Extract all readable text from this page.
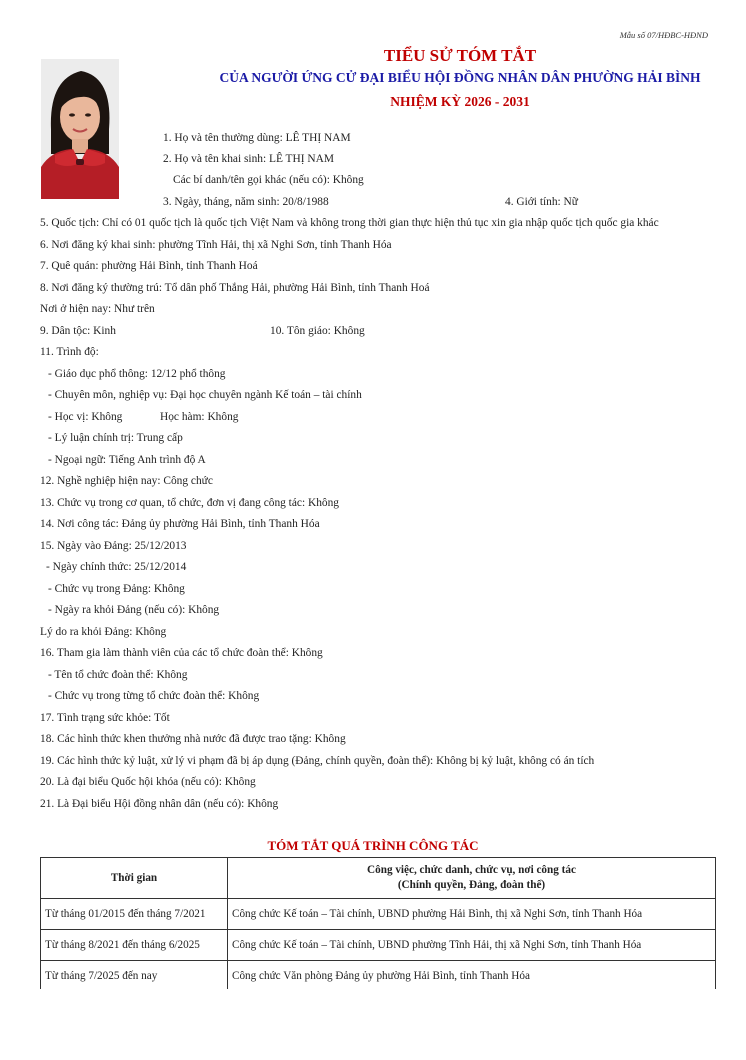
Mẫu số 07/HĐBC-HĐND
TIỂU SỬ TÓM TẮT
CỦA NGƯỜI ỨNG CỬ ĐẠI BIỂU HỘI ĐỒNG NHÂN DÂN PHƯỜNG HẢI BÌNH
NHIỆM KỲ 2026 - 2031
1. Họ và tên thường dùng: LÊ THỊ NAM
2. Họ và tên khai sinh: LÊ THỊ NAM
Các bí danh/tên gọi khác (nếu có): Không
3. Ngày, tháng, năm sinh: 20/8/1988	4. Giới tính: Nữ
5. Quốc tịch: Chỉ có 01 quốc tịch là quốc tịch Việt Nam và không trong thời gian thực hiện thủ tục xin gia nhập quốc tịch quốc gia khác
6. Nơi đăng ký khai sinh: phường Tĩnh Hải, thị xã Nghi Sơn, tỉnh Thanh Hóa
7. Quê quán: phường Hải Bình, tỉnh Thanh Hoá
8. Nơi đăng ký thường trú: Tổ dân phố Thắng Hải, phường Hải Bình, tỉnh Thanh Hoá
Nơi ở hiện nay: Như trên
9. Dân tộc: Kinh	10. Tôn giáo: Không
11. Trình độ:
- Giáo dục phổ thông: 12/12 phổ thông
- Chuyên môn, nghiệp vụ: Đại học chuyên ngành Kế toán – tài chính
- Học vị: Không	Học hàm: Không
- Lý luận chính trị: Trung cấp
- Ngoại ngữ: Tiếng Anh trình độ A
12. Nghề nghiệp hiện nay: Công chức
13. Chức vụ trong cơ quan, tổ chức, đơn vị đang công tác: Không
14. Nơi công tác: Đảng ủy phường Hải Bình, tỉnh Thanh Hóa
15. Ngày vào Đảng: 25/12/2013
- Ngày chính thức: 25/12/2014
- Chức vụ trong Đảng: Không
- Ngày ra khỏi Đảng (nếu có): Không
Lý do ra khỏi Đảng: Không
16. Tham gia làm thành viên của các tổ chức đoàn thể: Không
- Tên tổ chức đoàn thể: Không
- Chức vụ trong từng tổ chức đoàn thể: Không
17. Tình trạng sức khỏe: Tốt
18. Các hình thức khen thưởng nhà nước đã được trao tặng: Không
19. Các hình thức kỷ luật, xử lý vi phạm đã bị áp dụng (Đảng, chính quyền, đoàn thể): Không bị kỷ luật, không có án tích
20. Là đại biểu Quốc hội khóa (nếu có): Không
21. Là Đại biểu Hội đồng nhân dân (nếu có): Không
TÓM TẮT QUÁ TRÌNH CÔNG TÁC
Thời gian	Công việc, chức danh, chức vụ, nơi công tác
(Chính quyền, Đảng, đoàn thể)

Từ tháng 01/2015 đến tháng 7/2021	Công chức Kế toán – Tài chính, UBND phường Hải Bình, thị xã Nghi Sơn, tỉnh Thanh Hóa
Từ tháng 8/2021 đến tháng 6/2025	Công chức Kế toán – Tài chính, UBND phường Tĩnh Hải, thị xã Nghi Sơn, tỉnh Thanh Hóa
Từ tháng 7/2025 đến nay	Công chức Văn phòng Đảng ủy phường Hải Bình, tỉnh Thanh Hóa
